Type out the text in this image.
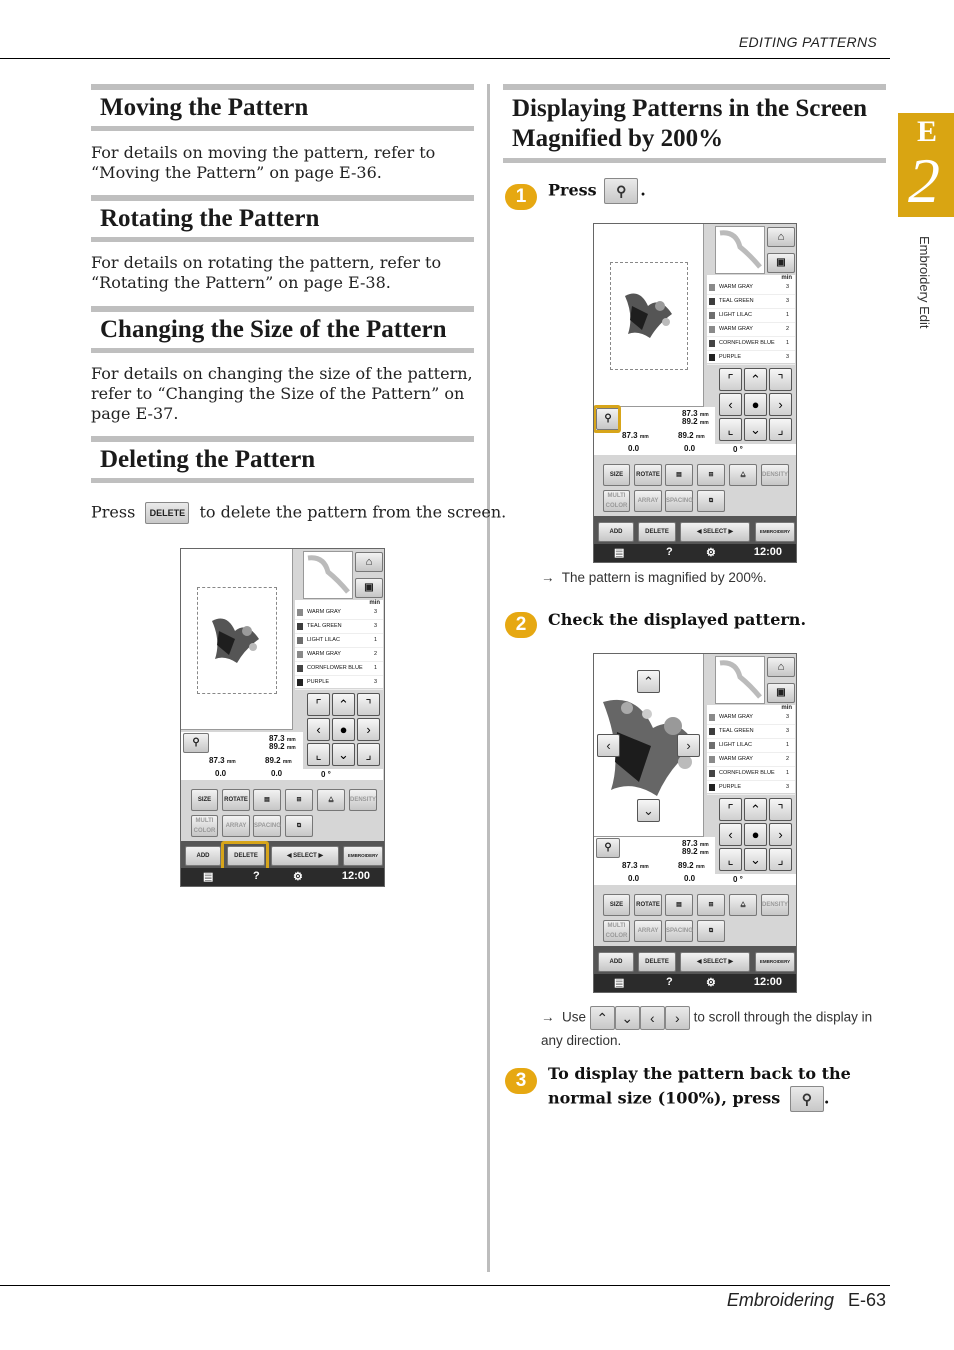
EDITING PATTERNS
E
2
Embroidery Edit
Moving the Pattern
For details on moving the pattern, refer to “Moving the Pattern” on page E-36.
Rotating the Pattern
For details on rotating the pattern, refer to “Rotating the Pattern” on page E-38.
Changing the Size of the Pattern
For details on changing the size of the pattern, refer to “Changing the Size of the Pattern” on page E-37.
Deleting the Pattern
Press DELETE to delete the pattern from the screen.
⌂
▣
min
WARM GRAY	3
TEAL GREEN	3
LIGHT LILAC	1
WARM GRAY	2
CORNFLOWER BLUE 1
PURPLE	3
⌜	⌃	⌝
‹	●	›
⌞	⌄	⌟
⚲	87.3 mm
89.2 mm
87.3 mm	89.2 mm
0.0	0.0	0 °
SIZE	ROTATE	▤	⊞	⧋	DENSITY
MULTI COLOR
ARRAY	SPACING	⧉
ADD	DELETE	◀ SELECT ▶	EMBROIDERY
▤	?	⚙	12:00
Displaying Patterns in the Screen Magnified by 200%
1	Press ⚲ .
⌂
▣
min
WARM GRAY	3
TEAL GREEN	3
LIGHT LILAC	1
WARM GRAY	2
CORNFLOWER BLUE 1
PURPLE	3
⌜	⌃	⌝
‹	●	›
⌞	⌄	⌟
⚲	87.3 mm
89.2 mm
87.3 mm	89.2 mm
0.0	0.0	0 °
SIZE	ROTATE	▤	⊞	⧋	DENSITY
MULTI COLOR
ARRAY	SPACING	⧉
ADD	DELETE	◀ SELECT ▶	EMBROIDERY
▤	?	⚙	12:00
→ The pattern is magnified by 200%.
2	Check the displayed pattern.
⌃
‹	›
⌄
⌂
▣
min
WARM GRAY	3
TEAL GREEN	3
LIGHT LILAC	1
WARM GRAY	2
CORNFLOWER BLUE 1
PURPLE	3
⌜	⌃	⌝
‹	●	›
⌞	⌄	⌟
⚲	87.3 mm
89.2 mm
87.3 mm	89.2 mm
0.0	0.0	0 °
SIZE	ROTATE	▤	⊞	⧋	DENSITY
MULTI COLOR
ARRAY	SPACING	⧉
ADD	DELETE	◀ SELECT ▶	EMBROIDERY
▤	?	⚙	12:00
→ Use ⌃ ⌄ ‹ › to scroll through the display in any direction.
3	To display the pattern back to the normal size (100%), press ⚲ .
Embroidering E-63
